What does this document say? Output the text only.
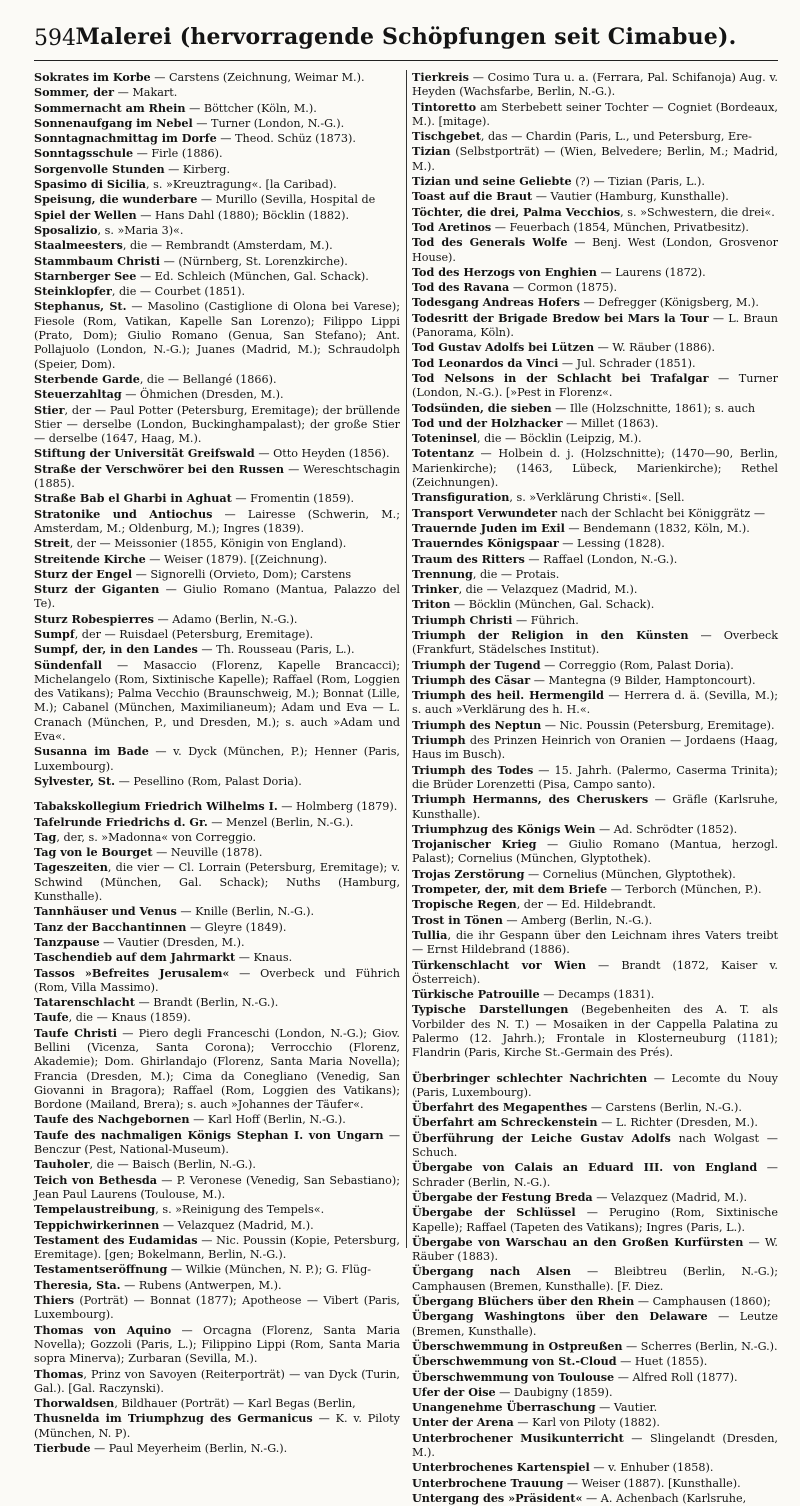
594 Malerei (hervorragende Schöpfungen seit Cimabue).

Sokrates im Korbe — Carstens (Zeichnung, Weimar M.).

Sommer, der — Makart.

Sommernacht am Rhein — Böttcher (Köln, M.).

Sonnenaufgang im Nebel — Turner (London, N.-G.).

Sonntagnachmittag im Dorfe — Theod. Schüz (1873).

Sonntagsschule — Firle (1886).

Sorgenvolle Stunden — Kirberg.

Spasimo di Sicilia, s. »Kreuztragung«. [la Caribad).

Speisung, die wunderbare — Murillo (Sevilla, Hospital de

Spiel der Wellen — Hans Dahl (1880); Böcklin (1882).

Sposalizio, s. »Maria 3)«.

Staalmeesters, die — Rembrandt (Amsterdam, M.).

Stammbaum Christi — (Nürnberg, St. Lorenzkirche).

Starnberger See — Ed. Schleich (München, Gal. Schack).

Steinklopfer, die — Courbet (1851).

Stephanus, St. — Masolino (Castiglione di Olona bei Varese); Fiesole (Rom, Vatikan, Kapelle San Lorenzo); Filippo Lippi (Prato, Dom); Giulio Romano (Genua, San Stefano); Ant. Pollajuolo (London, N.-G.); Juanes (Madrid, M.); Schraudolph (Speier, Dom).

Sterbende Garde, die — Bellangé (1866).

Steuerzahltag — Öhmichen (Dresden, M.).

Stier, der — Paul Potter (Petersburg, Eremitage); der brüllende Stier — derselbe (London, Buckinghampalast); der große Stier — derselbe (1647, Haag, M.).

Stiftung der Universität Greifswald — Otto Heyden (1856).

Straße der Verschwörer bei den Russen — Wereschtschagin (1885).

Straße Bab el Gharbi in Aghuat — Fromentin (1859).

Stratonike und Antiochus — Lairesse (Schwerin, M.; Amsterdam, M.; Oldenburg, M.); Ingres (1839).

Streit, der — Meissonier (1855, Königin von England).

Streitende Kirche — Weiser (1879). [(Zeichnung).

Sturz der Engel — Signorelli (Orvieto, Dom); Carstens

Sturz der Giganten — Giulio Romano (Mantua, Palazzo del Te).

Sturz Robespierres — Adamo (Berlin, N.-G.).

Sumpf, der — Ruisdael (Petersburg, Eremitage).

Sumpf, der, in den Landes — Th. Rousseau (Paris, L.).

Sündenfall — Masaccio (Florenz, Kapelle Brancacci); Michelangelo (Rom, Sixtinische Kapelle); Raffael (Rom, Loggien des Vatikans); Palma Vecchio (Braunschweig, M.); Bonnat (Lille, M.); Cabanel (München, Maximilianeum); Adam und Eva — L. Cranach (München, P., und Dresden, M.); s. auch »Adam und Eva«.

Susanna im Bade — v. Dyck (München, P.); Henner (Paris, Luxembourg).

Sylvester, St. — Pesellino (Rom, Palast Doria).

Tabakskollegium Friedrich Wilhelms I. — Holmberg (1879).

Tafelrunde Friedrichs d. Gr. — Menzel (Berlin, N.-G.).

Tag, der, s. »Madonna« von Correggio.

Tag von le Bourget — Neuville (1878).

Tageszeiten, die vier — Cl. Lorrain (Petersburg, Eremitage); v. Schwind (München, Gal. Schack); Nuths (Hamburg, Kunsthalle).

Tannhäuser und Venus — Knille (Berlin, N.-G.).

Tanz der Bacchantinnen — Gleyre (1849).

Tanzpause — Vautier (Dresden, M.).

Taschendieb auf dem Jahrmarkt — Knaus.

Tassos »Befreites Jerusalem« — Overbeck und Führich (Rom, Villa Massimo).

Tatarenschlacht — Brandt (Berlin, N.-G.).

Taufe, die — Knaus (1859).

Taufe Christi — Piero degli Franceschi (London, N.-G.); Giov. Bellini (Vicenza, Santa Corona); Verrocchio (Florenz, Akademie); Dom. Ghirlandajo (Florenz, Santa Maria Novella); Francia (Dresden, M.); Cima da Conegliano (Venedig, San Giovanni in Bragora); Raffael (Rom, Loggien des Vatikans); Bordone (Mailand, Brera); s. auch »Johannes der Täufer«.

Taufe des Nachgebornen — Karl Hoff (Berlin, N.-G.).

Taufe des nachmaligen Königs Stephan I. von Ungarn — Benczur (Pest, National-Museum).

Tauholer, die — Baisch (Berlin, N.-G.).

Teich von Bethesda — P. Veronese (Venedig, San Sebastiano); Jean Paul Laurens (Toulouse, M.).

Tempelaustreibung, s. »Reinigung des Tempels«.

Teppichwirkerinnen — Velazquez (Madrid, M.).

Testament des Eudamidas — Nic. Poussin (Kopie, Petersburg, Eremitage). [gen; Bokelmann, Berlin, N.-G.).

Testamentseröffnung — Wilkie (München, N. P.); G. Flüg-

Theresia, Sta. — Rubens (Antwerpen, M.).

Thiers (Porträt) — Bonnat (1877); Apotheose — Vibert (Paris, Luxembourg).

Thomas von Aquino — Orcagna (Florenz, Santa Maria Novella); Gozzoli (Paris, L.); Filippino Lippi (Rom, Santa Maria sopra Minerva); Zurbaran (Sevilla, M.).

Thomas, Prinz von Savoyen (Reiterporträt) — van Dyck (Turin, Gal.). [Gal. Raczynski).

Thorwaldsen, Bildhauer (Porträt) — Karl Begas (Berlin,

Thusnelda im Triumphzug des Germanicus — K. v. Piloty (München, N. P).

Tierbude — Paul Meyerheim (Berlin, N.-G.).

Tierkreis — Cosimo Tura u. a. (Ferrara, Pal. Schifanoja) Aug. v. Heyden (Wachsfarbe, Berlin, N.-G.).

Tintoretto am Sterbebett seiner Tochter — Cogniet (Bordeaux, M.). [mitage).

Tischgebet, das — Chardin (Paris, L., und Petersburg, Ere-

Tizian (Selbstporträt) — (Wien, Belvedere; Berlin, M.; Madrid, M.).

Tizian und seine Geliebte (?) — Tizian (Paris, L.).

Toast auf die Braut — Vautier (Hamburg, Kunsthalle).

Töchter, die drei, Palma Vecchios, s. »Schwestern, die drei«.

Tod Aretinos — Feuerbach (1854, München, Privatbesitz).

Tod des Generals Wolfe — Benj. West (London, Grosvenor House).

Tod des Herzogs von Enghien — Laurens (1872).

Tod des Ravana — Cormon (1875).

Todesgang Andreas Hofers — Defregger (Königsberg, M.).

Todesritt der Brigade Bredow bei Mars la Tour — L. Braun (Panorama, Köln).

Tod Gustav Adolfs bei Lützen — W. Räuber (1886).

Tod Leonardos da Vinci — Jul. Schrader (1851).

Tod Nelsons in der Schlacht bei Trafalgar — Turner (London, N.-G.). [»Pest in Florenz«.

Todsünden, die sieben — Ille (Holzschnitte, 1861); s. auch

Tod und der Holzhacker — Millet (1863).

Toteninsel, die — Böcklin (Leipzig, M.).

Totentanz — Holbein d. j. (Holzschnitte); (1470—90, Berlin, Marienkirche); (1463, Lübeck, Marienkirche); Rethel (Zeichnungen).

Transfiguration, s. »Verklärung Christi«. [Sell.

Transport Verwundeter nach der Schlacht bei Königgrätz —

Trauernde Juden im Exil — Bendemann (1832, Köln, M.).

Trauerndes Königspaar — Lessing (1828).

Traum des Ritters — Raffael (London, N.-G.).

Trennung, die — Protais.

Trinker, die — Velazquez (Madrid, M.).

Triton — Böcklin (München, Gal. Schack).

Triumph Christi — Führich.

Triumph der Religion in den Künsten — Overbeck (Frankfurt, Städelsches Institut).

Triumph der Tugend — Correggio (Rom, Palast Doria).

Triumph des Cäsar — Mantegna (9 Bilder, Hamptoncourt).

Triumph des heil. Hermengild — Herrera d. ä. (Sevilla, M.); s. auch »Verklärung des h. H.«.

Triumph des Neptun — Nic. Poussin (Petersburg, Eremitage).

Triumph des Prinzen Heinrich von Oranien — Jordaens (Haag, Haus im Busch).

Triumph des Todes — 15. Jahrh. (Palermo, Caserma Trinita); die Brüder Lorenzetti (Pisa, Campo santo).

Triumph Hermanns, des Cheruskers — Gräfle (Karlsruhe, Kunsthalle).

Triumphzug des Königs Wein — Ad. Schrödter (1852).

Trojanischer Krieg — Giulio Romano (Mantua, herzogl. Palast); Cornelius (München, Glyptothek).

Trojas Zerstörung — Cornelius (München, Glyptothek).

Trompeter, der, mit dem Briefe — Terborch (München, P.).

Tropische Regen, der — Ed. Hildebrandt.

Trost in Tönen — Amberg (Berlin, N.-G.).

Tullia, die ihr Gespann über den Leichnam ihres Vaters treibt — Ernst Hildebrand (1886).

Türkenschlacht vor Wien — Brandt (1872, Kaiser v. Österreich).

Türkische Patrouille — Decamps (1831).

Typische Darstellungen (Begebenheiten des A. T. als Vorbilder des N. T.) — Mosaiken in der Cappella Palatina zu Palermo (12. Jahrh.); Frontale in Klosterneuburg (1181); Flandrin (Paris, Kirche St.-Germain des Prés).

Überbringer schlechter Nachrichten — Lecomte du Nouy (Paris, Luxembourg).

Überfahrt des Megapenthes — Carstens (Berlin, N.-G.).

Überfahrt am Schreckenstein — L. Richter (Dresden, M.).

Überführung der Leiche Gustav Adolfs nach Wolgast — Schuch.

Übergabe von Calais an Eduard III. von England — Schrader (Berlin, N.-G.).

Übergabe der Festung Breda — Velazquez (Madrid, M.).

Übergabe der Schlüssel — Perugino (Rom, Sixtinische Kapelle); Raffael (Tapeten des Vatikans); Ingres (Paris, L.).

Übergabe von Warschau an den Großen Kurfürsten — W. Räuber (1883).

Übergang nach Alsen — Bleibtreu (Berlin, N.-G.); Camphausen (Bremen, Kunsthalle). [F. Diez.

Übergang Blüchers über den Rhein — Camphausen (1860);

Übergang Washingtons über den Delaware — Leutze (Bremen, Kunsthalle).

Überschwemmung in Ostpreußen — Scherres (Berlin, N.-G.).

Überschwemmung von St.-Cloud — Huet (1855).

Überschwemmung von Toulouse — Alfred Roll (1877).

Ufer der Oise — Daubigny (1859).

Unangenehme Überraschung — Vautier.

Unter der Arena — Karl von Piloty (1882).

Unterbrochener Musikunterricht — Slingelandt (Dresden, M.).

Unterbrochenes Kartenspiel — v. Enhuber (1858).

Unterbrochene Trauung — Weiser (1887). [Kunsthalle).

Untergang des »Präsident« — A. Achenbach (Karlsruhe,
